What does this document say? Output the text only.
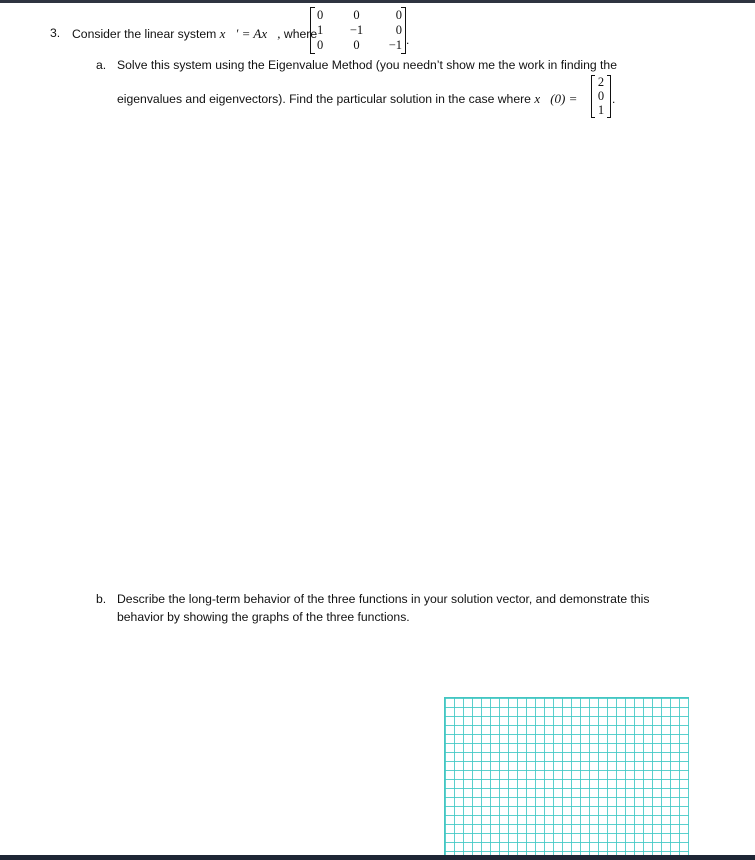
3. Consider the linear system x⃗′ = Ax⃗, where
0	0	0
1	−1	0
0	0	−1 .
a. Solve this system using the Eigenvalue Method (you needn’t show me the work in finding the
eigenvalues and eigenvectors). Find the particular solution in the case where x⃗(0) =
2
0
1
.
b. Describe the long-term behavior of the three functions in your solution vector, and demonstrate this
behavior by showing the graphs of the three functions.
